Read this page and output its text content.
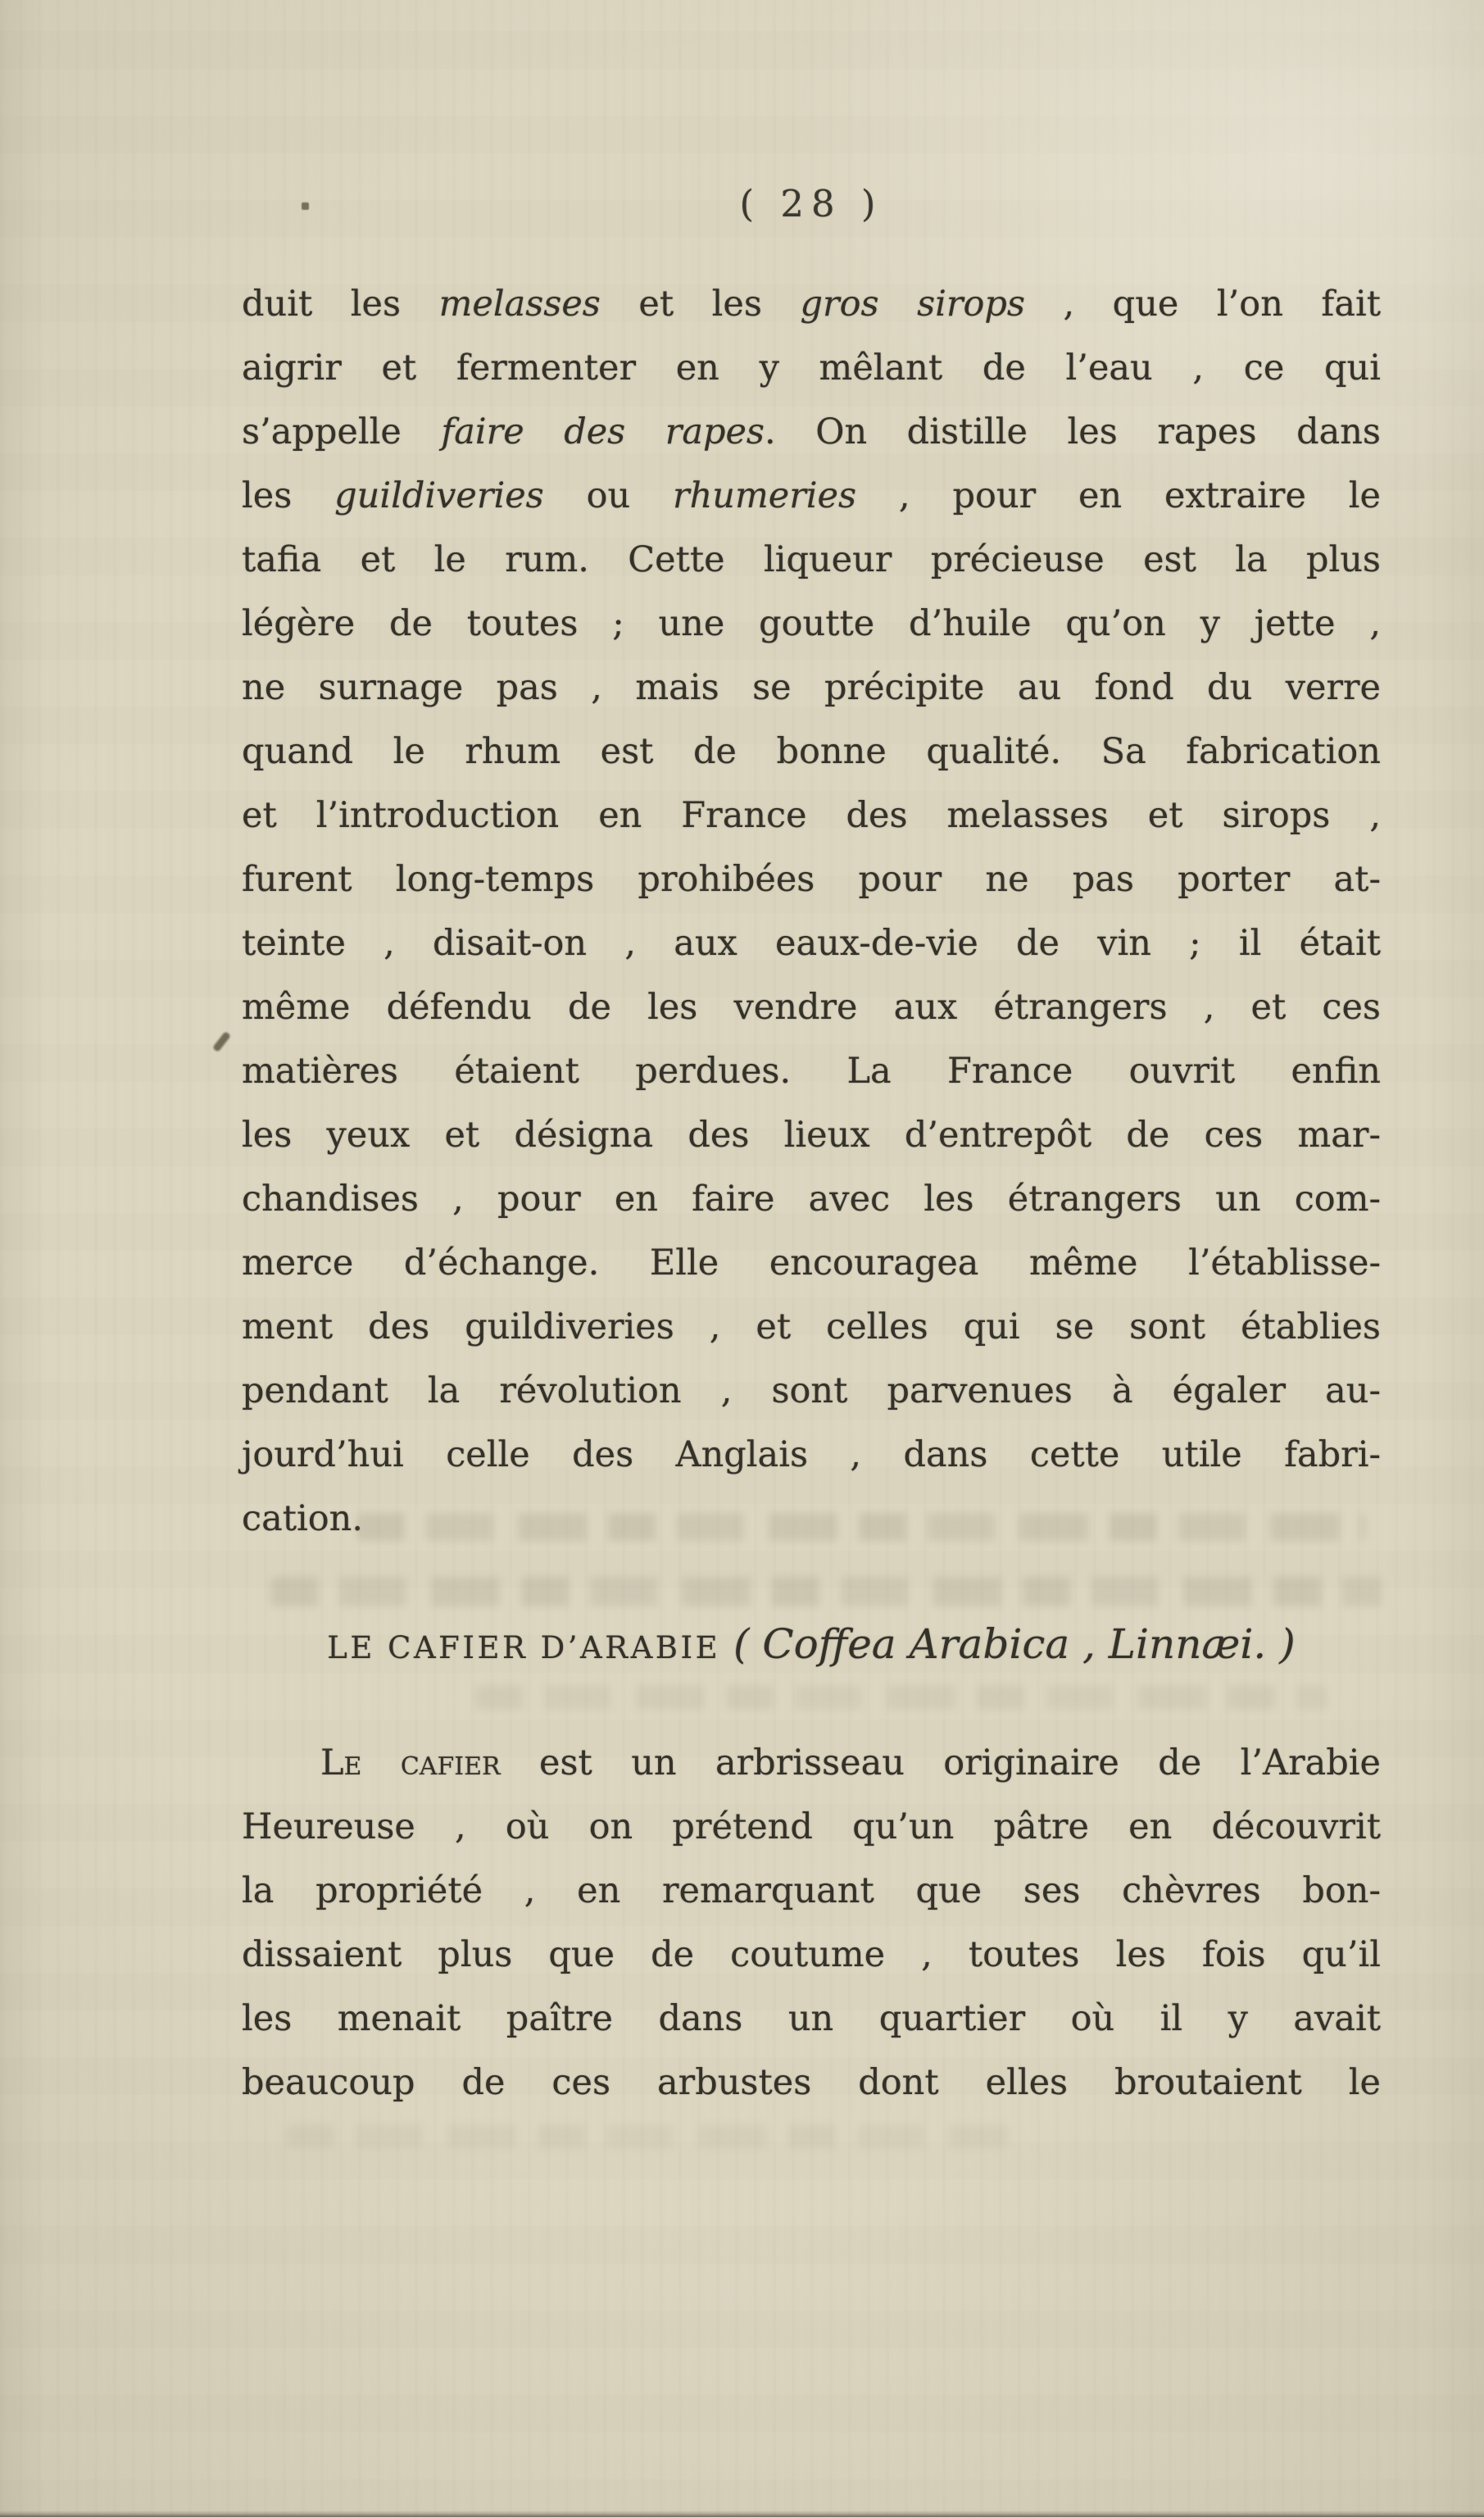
( 28 )
duit les melasses et les gros sirops , que l’on fait
aigrir et fermenter en y mêlant de l’eau , ce qui
s’appelle faire des rapes. On distille les rapes dans
les guildiveries ou rhumeries , pour en extraire le
tafia et le rum. Cette liqueur précieuse est la plus
légère de toutes ; une goutte d’huile qu’on y jette ,
ne surnage pas , mais se précipite au fond du verre
quand le rhum est de bonne qualité. Sa fabrication
et l’introduction en France des melasses et sirops ,
furent long-temps prohibées pour ne pas porter at-
teinte , disait-on , aux eaux-de-vie de vin ; il était
même défendu de les vendre aux étrangers , et ces
matières étaient perdues. La France ouvrit enfin
les yeux et désigna des lieux d’entrepôt de ces mar-
chandises , pour en faire avec les étrangers un com-
merce d’échange. Elle encouragea même l’établisse-
ment des guildiveries , et celles qui se sont établies
pendant la révolution , sont parvenues à égaler au-
jourd’hui celle des Anglais , dans cette utile fabri-
cation.
LE CAFIER D’ARABIE ( Coffea Arabica , Linnæi. )
Le cafier est un arbrisseau originaire de l’Arabie
Heureuse , où on prétend qu’un pâtre en découvrit
la propriété , en remarquant que ses chèvres bon-
dissaient plus que de coutume , toutes les fois qu’il
les menait paître dans un quartier où il y avait
beaucoup de ces arbustes dont elles broutaient le
